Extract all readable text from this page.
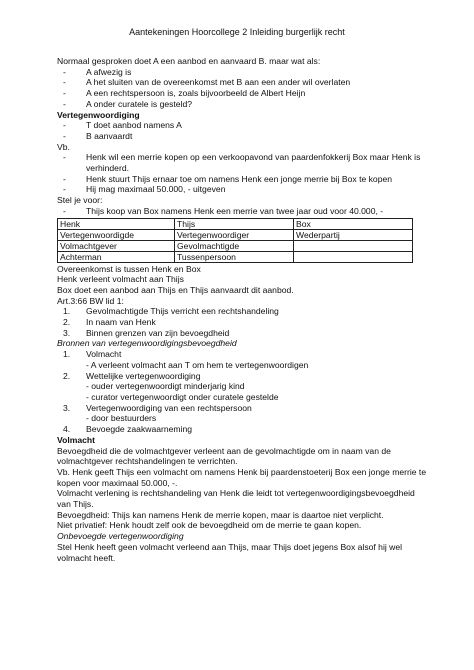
Aantekeningen Hoorcollege 2 Inleiding burgerlijk recht
Normaal gesproken doet A een aanbod en aanvaard B. maar wat als:
- A afwezig is
- A het sluiten van de overeenkomst met B aan een ander wil overlaten
- A een rechtspersoon is, zoals bijvoorbeeld de Albert Heijn
- A onder curatele is gesteld?
Vertegenwoordiging
- T doet aanbod namens A
- B aanvaardt
Vb.
- Henk wil een merrie kopen op een verkoopavond van paardenfokkerij Box maar Henk is verhinderd.
- Henk stuurt Thijs ernaar toe om namens Henk een jonge merrie bij Box te kopen
- Hij mag maximaal 50.000, - uitgeven
Stel je voor:
- Thijs koop van Box namens Henk een merrie van twee jaar oud voor 40.000, -
Henk	Thijs	Box
Vertegenwoordigde	Vertegenwoordiger	Wederpartij
Volmachtgever	Gevolmachtigde	
Achterman	Tussenpersoon	
Overeenkomst is tussen Henk en Box
Henk verleent volmacht aan Thijs
Box doet een aanbod aan Thijs en Thijs aanvaardt dit aanbod.
Art.3:66 BW lid 1:
1. Gevolmachtigde Thijs verricht een rechtshandeling
2. In naam van Henk
3. Binnen grenzen van zijn bevoegdheid
Bronnen van vertegenwoordigingsbevoegdheid
1. Volmacht
- A verleent volmacht aan T om hem te vertegenwoordigen
2. Wettelijke vertegenwoordiging
- ouder vertegenwoordigt minderjarig kind
- curator vertegenwoordigt onder curatele gestelde
3. Vertegenwoordiging van een rechtspersoon
- door bestuurders
4. Bevoegde zaakwaarneming
Volmacht
Bevoegdheid die de volmachtgever verleent aan de gevolmachtigde om in naam van de volmachtgever rechtshandelingen te verrichten.
Vb. Henk geeft Thijs een volmacht om namens Henk bij paardenstoeterij Box een jonge merrie te kopen voor maximaal 50.000, -.
Volmacht verlening is rechtshandeling van Henk die leidt tot vertegenwoordigingsbevoegdheid van Thijs.
Bevoegdheid: Thijs kan namens Henk de merrie kopen, maar is daartoe niet verplicht.
Niet privatief: Henk houdt zelf ook de bevoegdheid om de merrie te gaan kopen.
Onbevoegde vertegenwoordiging
Stel Henk heeft geen volmacht verleend aan Thijs, maar Thijs doet jegens Box alsof hij wel volmacht heeft.
